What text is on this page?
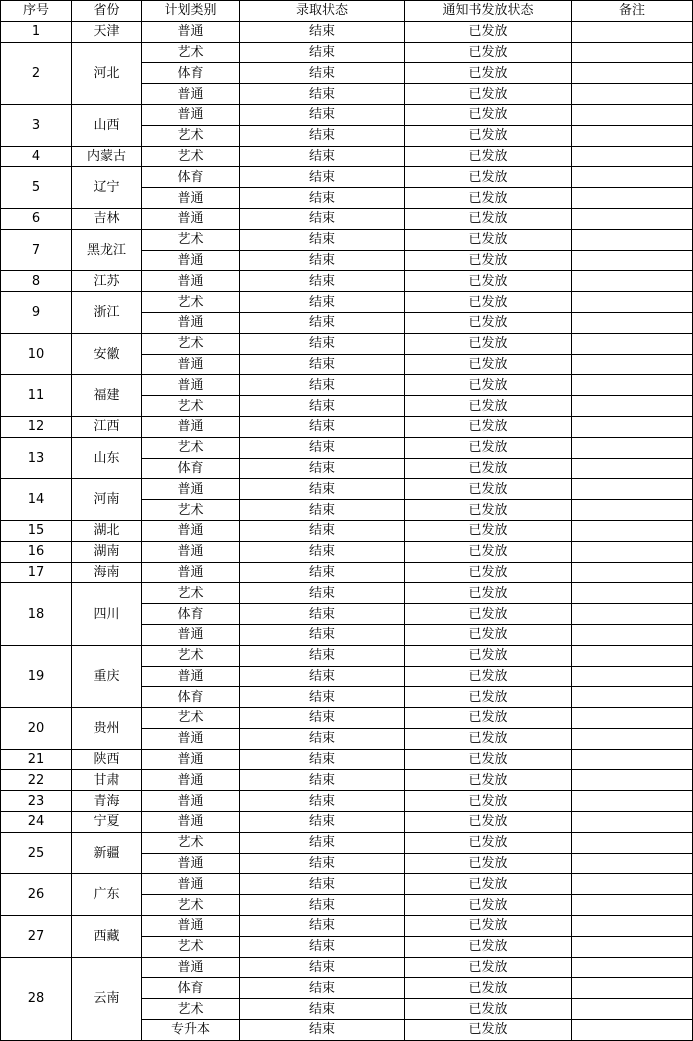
序号	省份	计划类别	录取状态	通知书发放状态	备注
1	天津	普通	结束	已发放	
2	河北	艺术	结束	已发放	
		体育	结束	已发放	
		普通	结束	已发放	
3	山西	普通	结束	已发放	
		艺术	结束	已发放	
4	内蒙古	艺术	结束	已发放	
5	辽宁	体育	结束	已发放	
		普通	结束	已发放	
6	吉林	普通	结束	已发放	
7	黑龙江	艺术	结束	已发放	
		普通	结束	已发放	
8	江苏	普通	结束	已发放	
9	浙江	艺术	结束	已发放	
		普通	结束	已发放	
10	安徽	艺术	结束	已发放	
		普通	结束	已发放	
11	福建	普通	结束	已发放	
		艺术	结束	已发放	
12	江西	普通	结束	已发放	
13	山东	艺术	结束	已发放	
		体育	结束	已发放	
14	河南	普通	结束	已发放	
		艺术	结束	已发放	
15	湖北	普通	结束	已发放	
16	湖南	普通	结束	已发放	
17	海南	普通	结束	已发放	
18	四川	艺术	结束	已发放	
		体育	结束	已发放	
		普通	结束	已发放	
19	重庆	艺术	结束	已发放	
		普通	结束	已发放	
		体育	结束	已发放	
20	贵州	艺术	结束	已发放	
		普通	结束	已发放	
21	陕西	普通	结束	已发放	
22	甘肃	普通	结束	已发放	
23	青海	普通	结束	已发放	
24	宁夏	普通	结束	已发放	
25	新疆	艺术	结束	已发放	
		普通	结束	已发放	
26	广东	普通	结束	已发放	
		艺术	结束	已发放	
27	西藏	普通	结束	已发放	
		艺术	结束	已发放	
28	云南	普通	结束	已发放	
		体育	结束	已发放	
		艺术	结束	已发放	
		专升本	结束	已发放	
